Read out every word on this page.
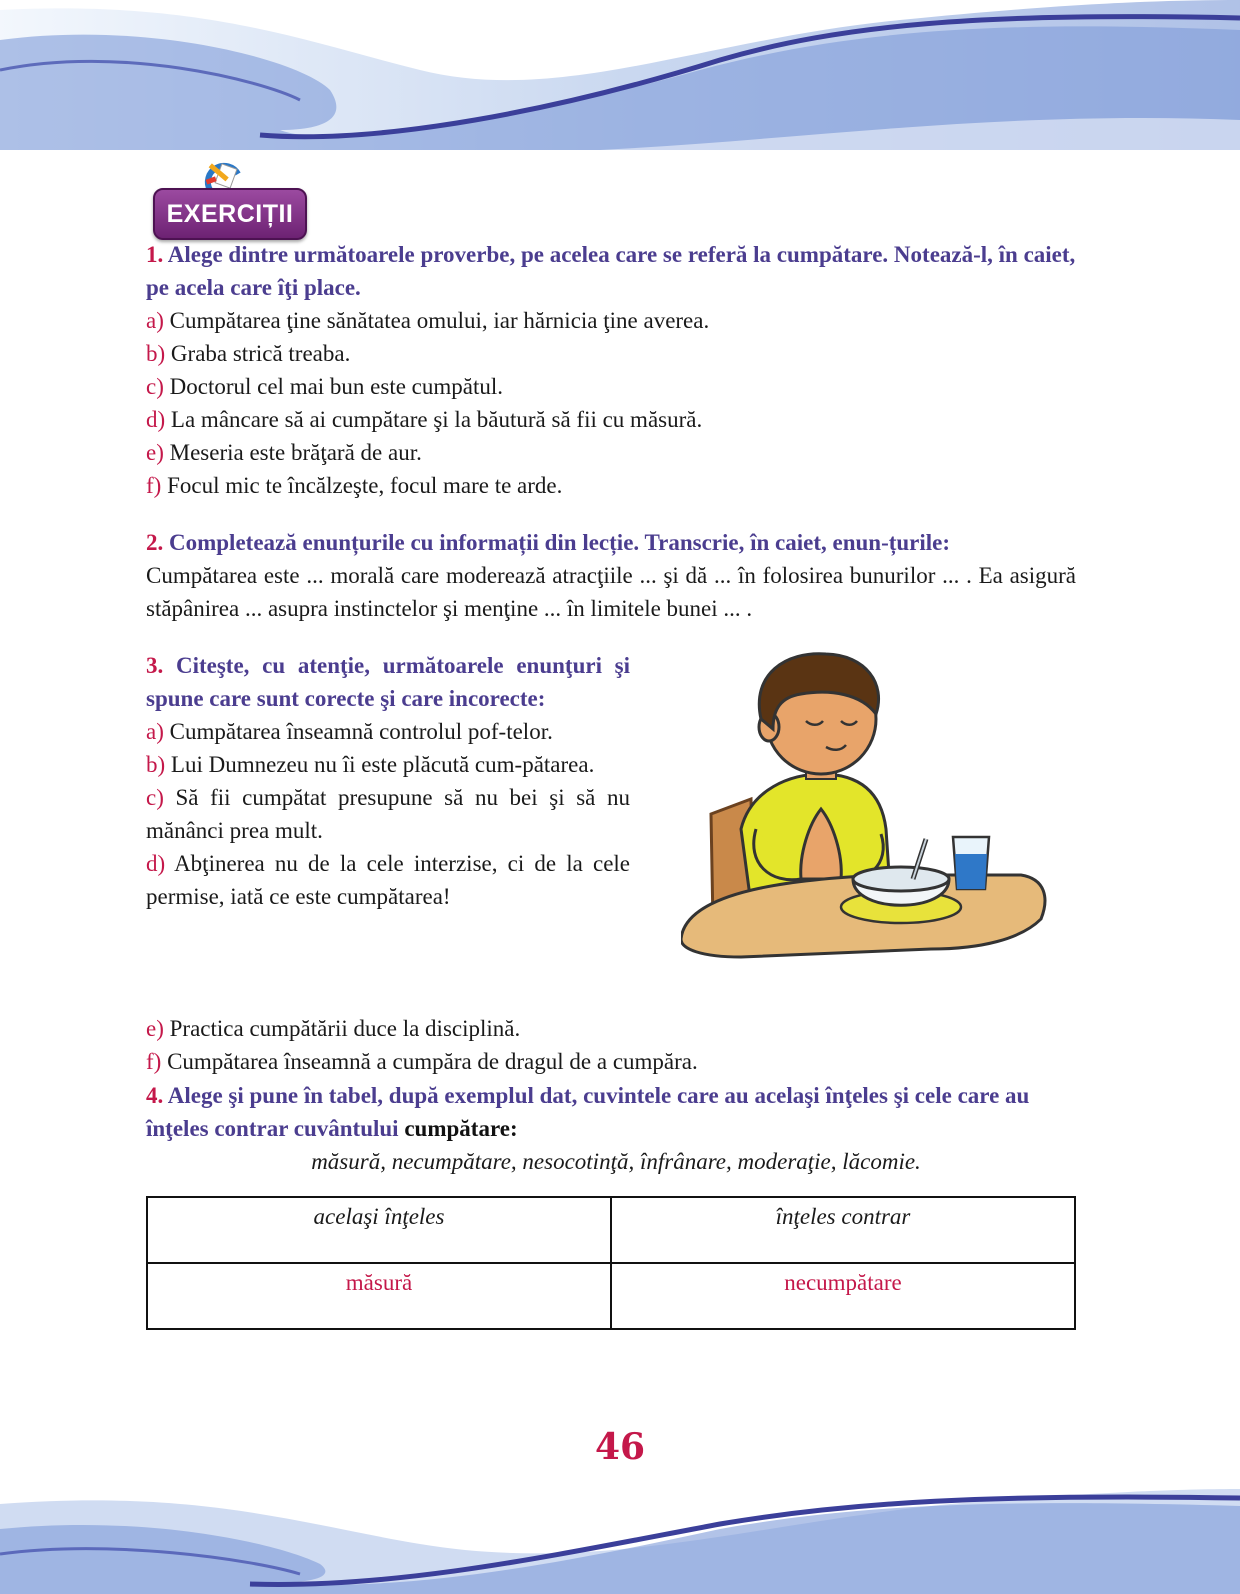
EXERCIȚII

1. Alege dintre următoarele proverbe, pe acelea care se referă la cumpătare. Notează-l, în caiet, pe acela care îţi place.

a) Cumpătarea ţine sănătatea omului, iar hărnicia ţine averea.

b) Graba strică treaba.

c) Doctorul cel mai bun este cumpătul.

d) La mâncare să ai cumpătare şi la băutură să fii cu măsură.

e) Meseria este brăţară de aur.

f) Focul mic te încălzeşte, focul mare te arde.

2. Completează enunțurile cu informații din lecție. Transcrie, în caiet, enun-țurile:

Cumpătarea este ... morală care moderează atracţiile ... şi dă ... în folosirea bunurilor ... . Ea asigură stăpânirea ... asupra instinctelor şi menţine ... în limitele bunei ... .

3. Citeşte, cu atenţie, următoarele enunţuri şi spune care sunt corecte şi care incorecte:

a) Cumpătarea înseamnă controlul pof-telor.

b) Lui Dumnezeu nu îi este plăcută cum-pătarea.

c) Să fii cumpătat presupune să nu bei şi să nu mănânci prea mult.

d) Abţinerea nu de la cele interzise, ci de la cele permise, iată ce este cumpătarea!

e) Practica cumpătării duce la disciplină.

f) Cumpătarea înseamnă a cumpăra de dragul de a cumpăra.

4. Alege şi pune în tabel, după exemplul dat, cuvintele care au acelaşi înţeles şi cele care au înţeles contrar cuvântului cumpătare:

măsură, necumpătare, nesocotinţă, înfrânare, moderaţie, lăcomie.

acelaşi înţeles	înţeles contrar
măsură	necumpătare
46
